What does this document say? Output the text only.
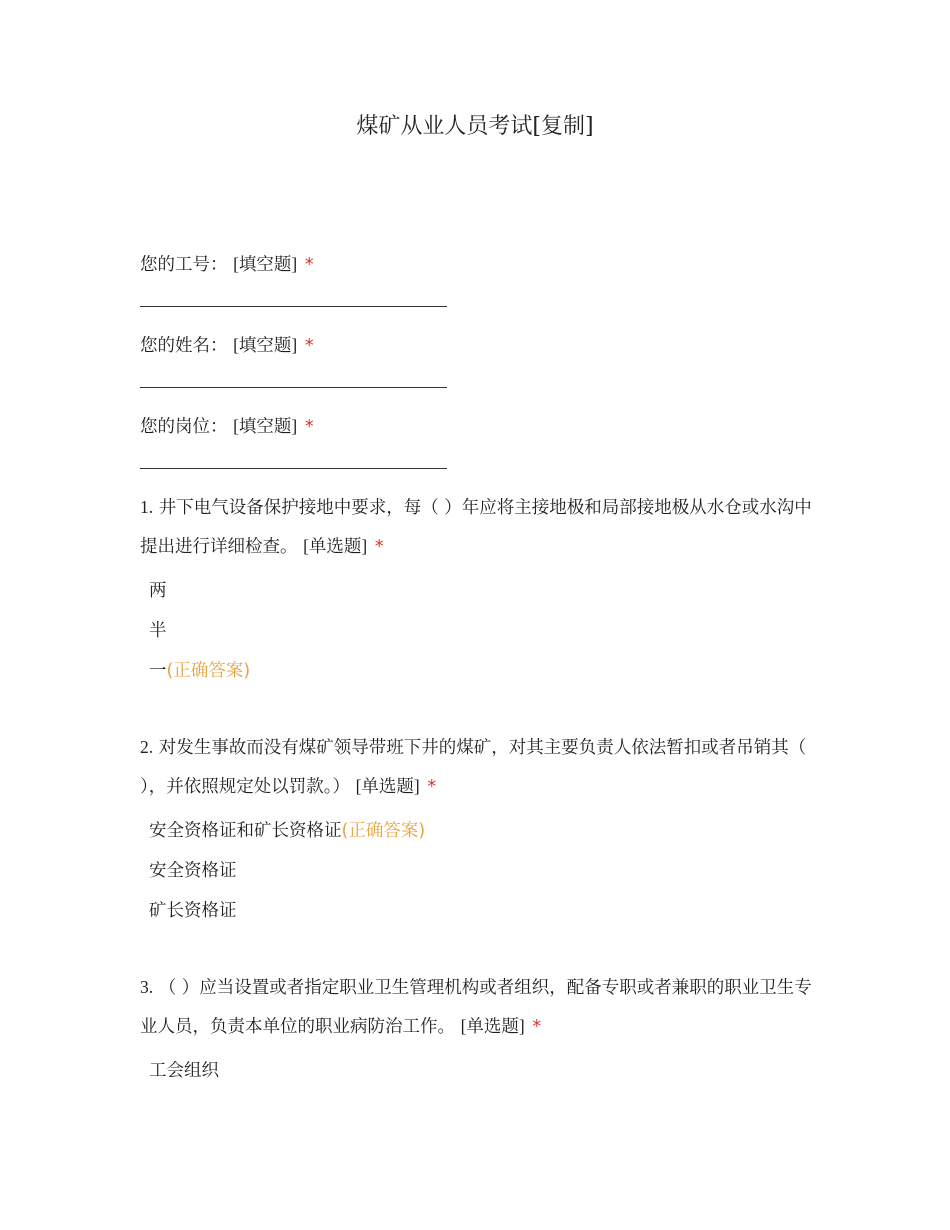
煤矿从业人员考试[复制]
您的工号： [填空题] *
您的姓名： [填空题] *
您的岗位： [填空题] *
1. 井下电气设备保护接地中要求，每（ ）年应将主接地极和局部接地极从水仓或水沟中提出进行详细检查。 [单选题] *
两
半
一(正确答案)
2. 对发生事故而没有煤矿领导带班下井的煤矿，对其主要负责人依法暂扣或者吊销其（ ），并依照规定处以罚款。） [单选题] *
安全资格证和矿长资格证(正确答案)
安全资格证
矿长资格证
3. （ ）应当设置或者指定职业卫生管理机构或者组织，配备专职或者兼职的职业卫生专业人员，负责本单位的职业病防治工作。 [单选题] *
工会组织
